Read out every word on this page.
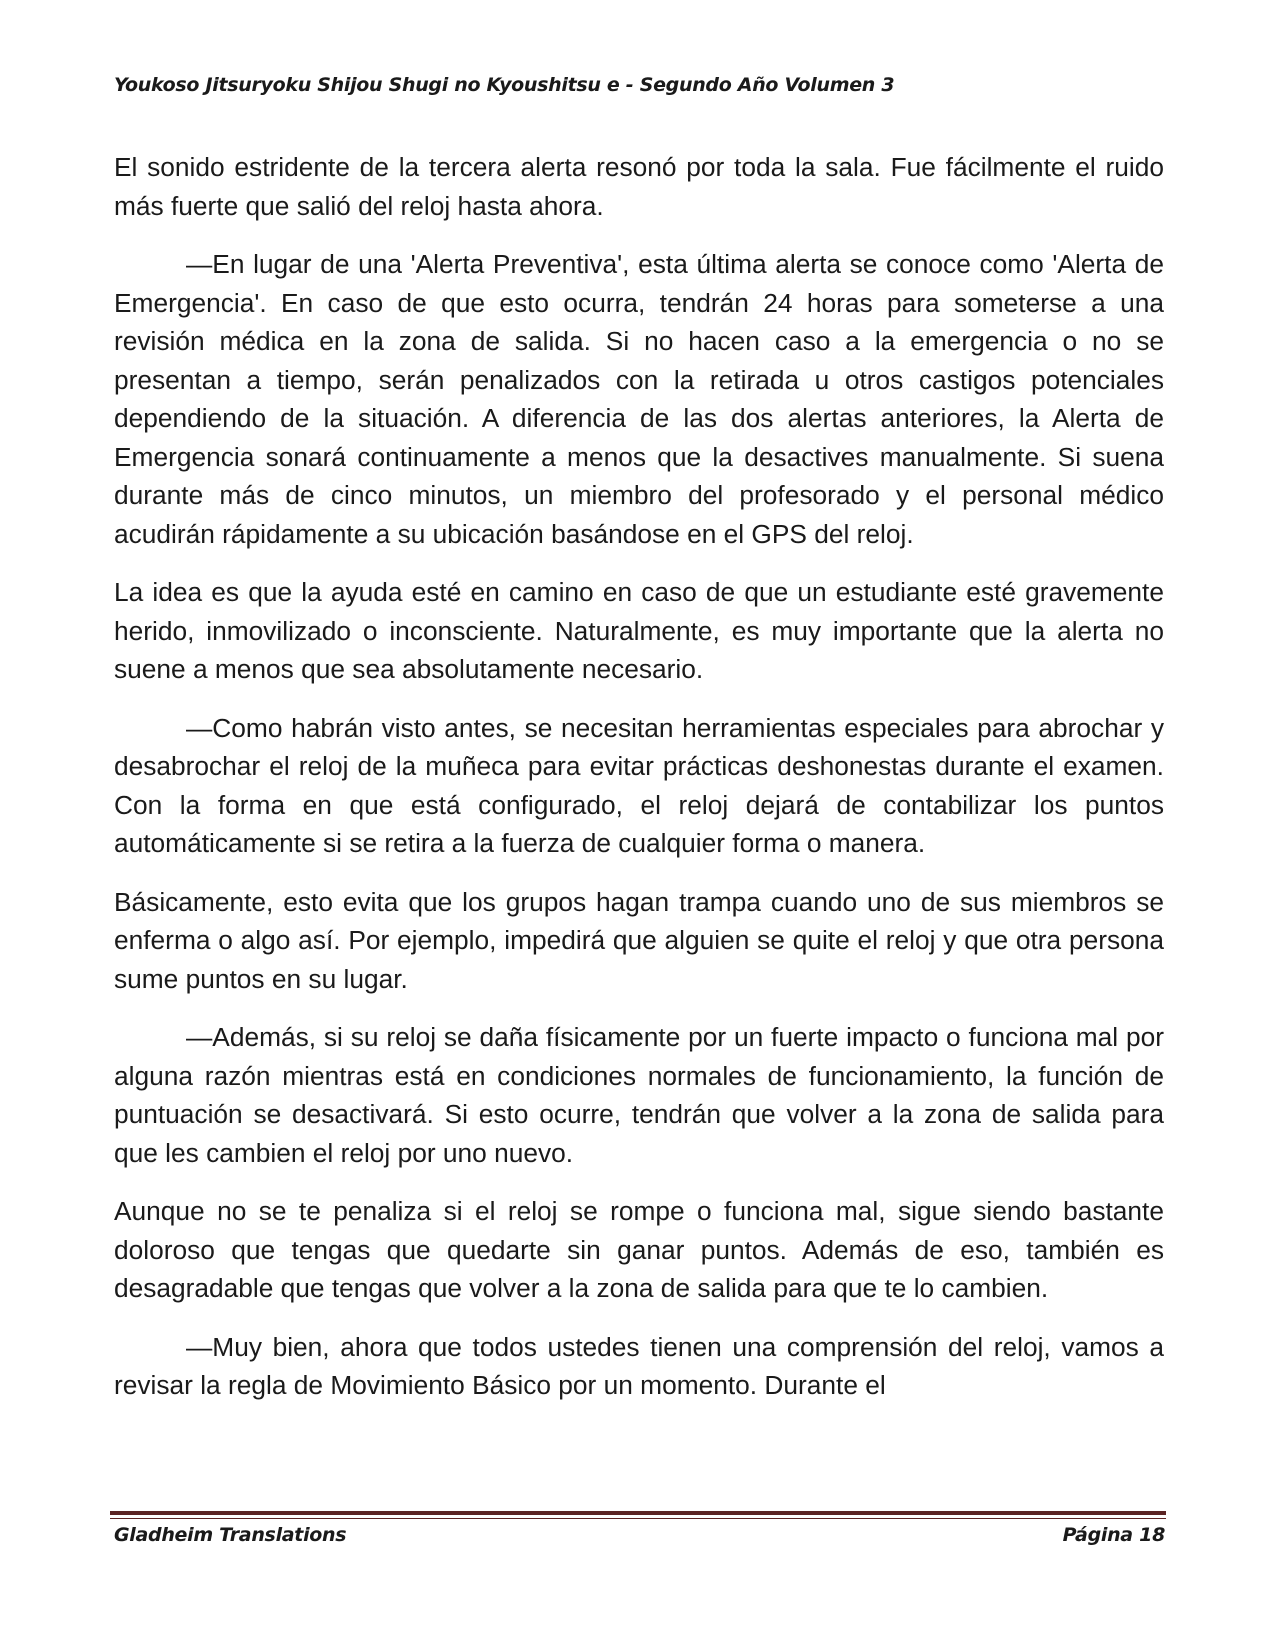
Youkoso Jitsuryoku Shijou Shugi no Kyoushitsu e - Segundo Año Volumen 3

El sonido estridente de la tercera alerta resonó por toda la sala. Fue fácilmente el ruido más fuerte que salió del reloj hasta ahora.

—En lugar de una 'Alerta Preventiva', esta última alerta se conoce como 'Alerta de Emergencia'. En caso de que esto ocurra, tendrán 24 horas para someterse a una revisión médica en la zona de salida. Si no hacen caso a la emergencia o no se presentan a tiempo, serán penalizados con la retirada u otros castigos potenciales dependiendo de la situación. A diferencia de las dos alertas anteriores, la Alerta de Emergencia sonará continuamente a menos que la desactives manualmente. Si suena durante más de cinco minutos, un miembro del profesorado y el personal médico acudirán rápidamente a su ubicación basándose en el GPS del reloj.

La idea es que la ayuda esté en camino en caso de que un estudiante esté gravemente herido, inmovilizado o inconsciente. Naturalmente, es muy importante que la alerta no suene a menos que sea absolutamente necesario.

—Como habrán visto antes, se necesitan herramientas especiales para abrochar y desabrochar el reloj de la muñeca para evitar prácticas deshonestas durante el examen. Con la forma en que está configurado, el reloj dejará de contabilizar los puntos automáticamente si se retira a la fuerza de cualquier forma o manera.

Básicamente, esto evita que los grupos hagan trampa cuando uno de sus miembros se enferma o algo así. Por ejemplo, impedirá que alguien se quite el reloj y que otra persona sume puntos en su lugar.

—Además, si su reloj se daña físicamente por un fuerte impacto o funciona mal por alguna razón mientras está en condiciones normales de funcionamiento, la función de puntuación se desactivará. Si esto ocurre, tendrán que volver a la zona de salida para que les cambien el reloj por uno nuevo.

Aunque no se te penaliza si el reloj se rompe o funciona mal, sigue siendo bastante doloroso que tengas que quedarte sin ganar puntos. Además de eso, también es desagradable que tengas que volver a la zona de salida para que te lo cambien.

—Muy bien, ahora que todos ustedes tienen una comprensión del reloj, vamos a revisar la regla de Movimiento Básico por un momento. Durante el

Gladheim Translations	Página 18
